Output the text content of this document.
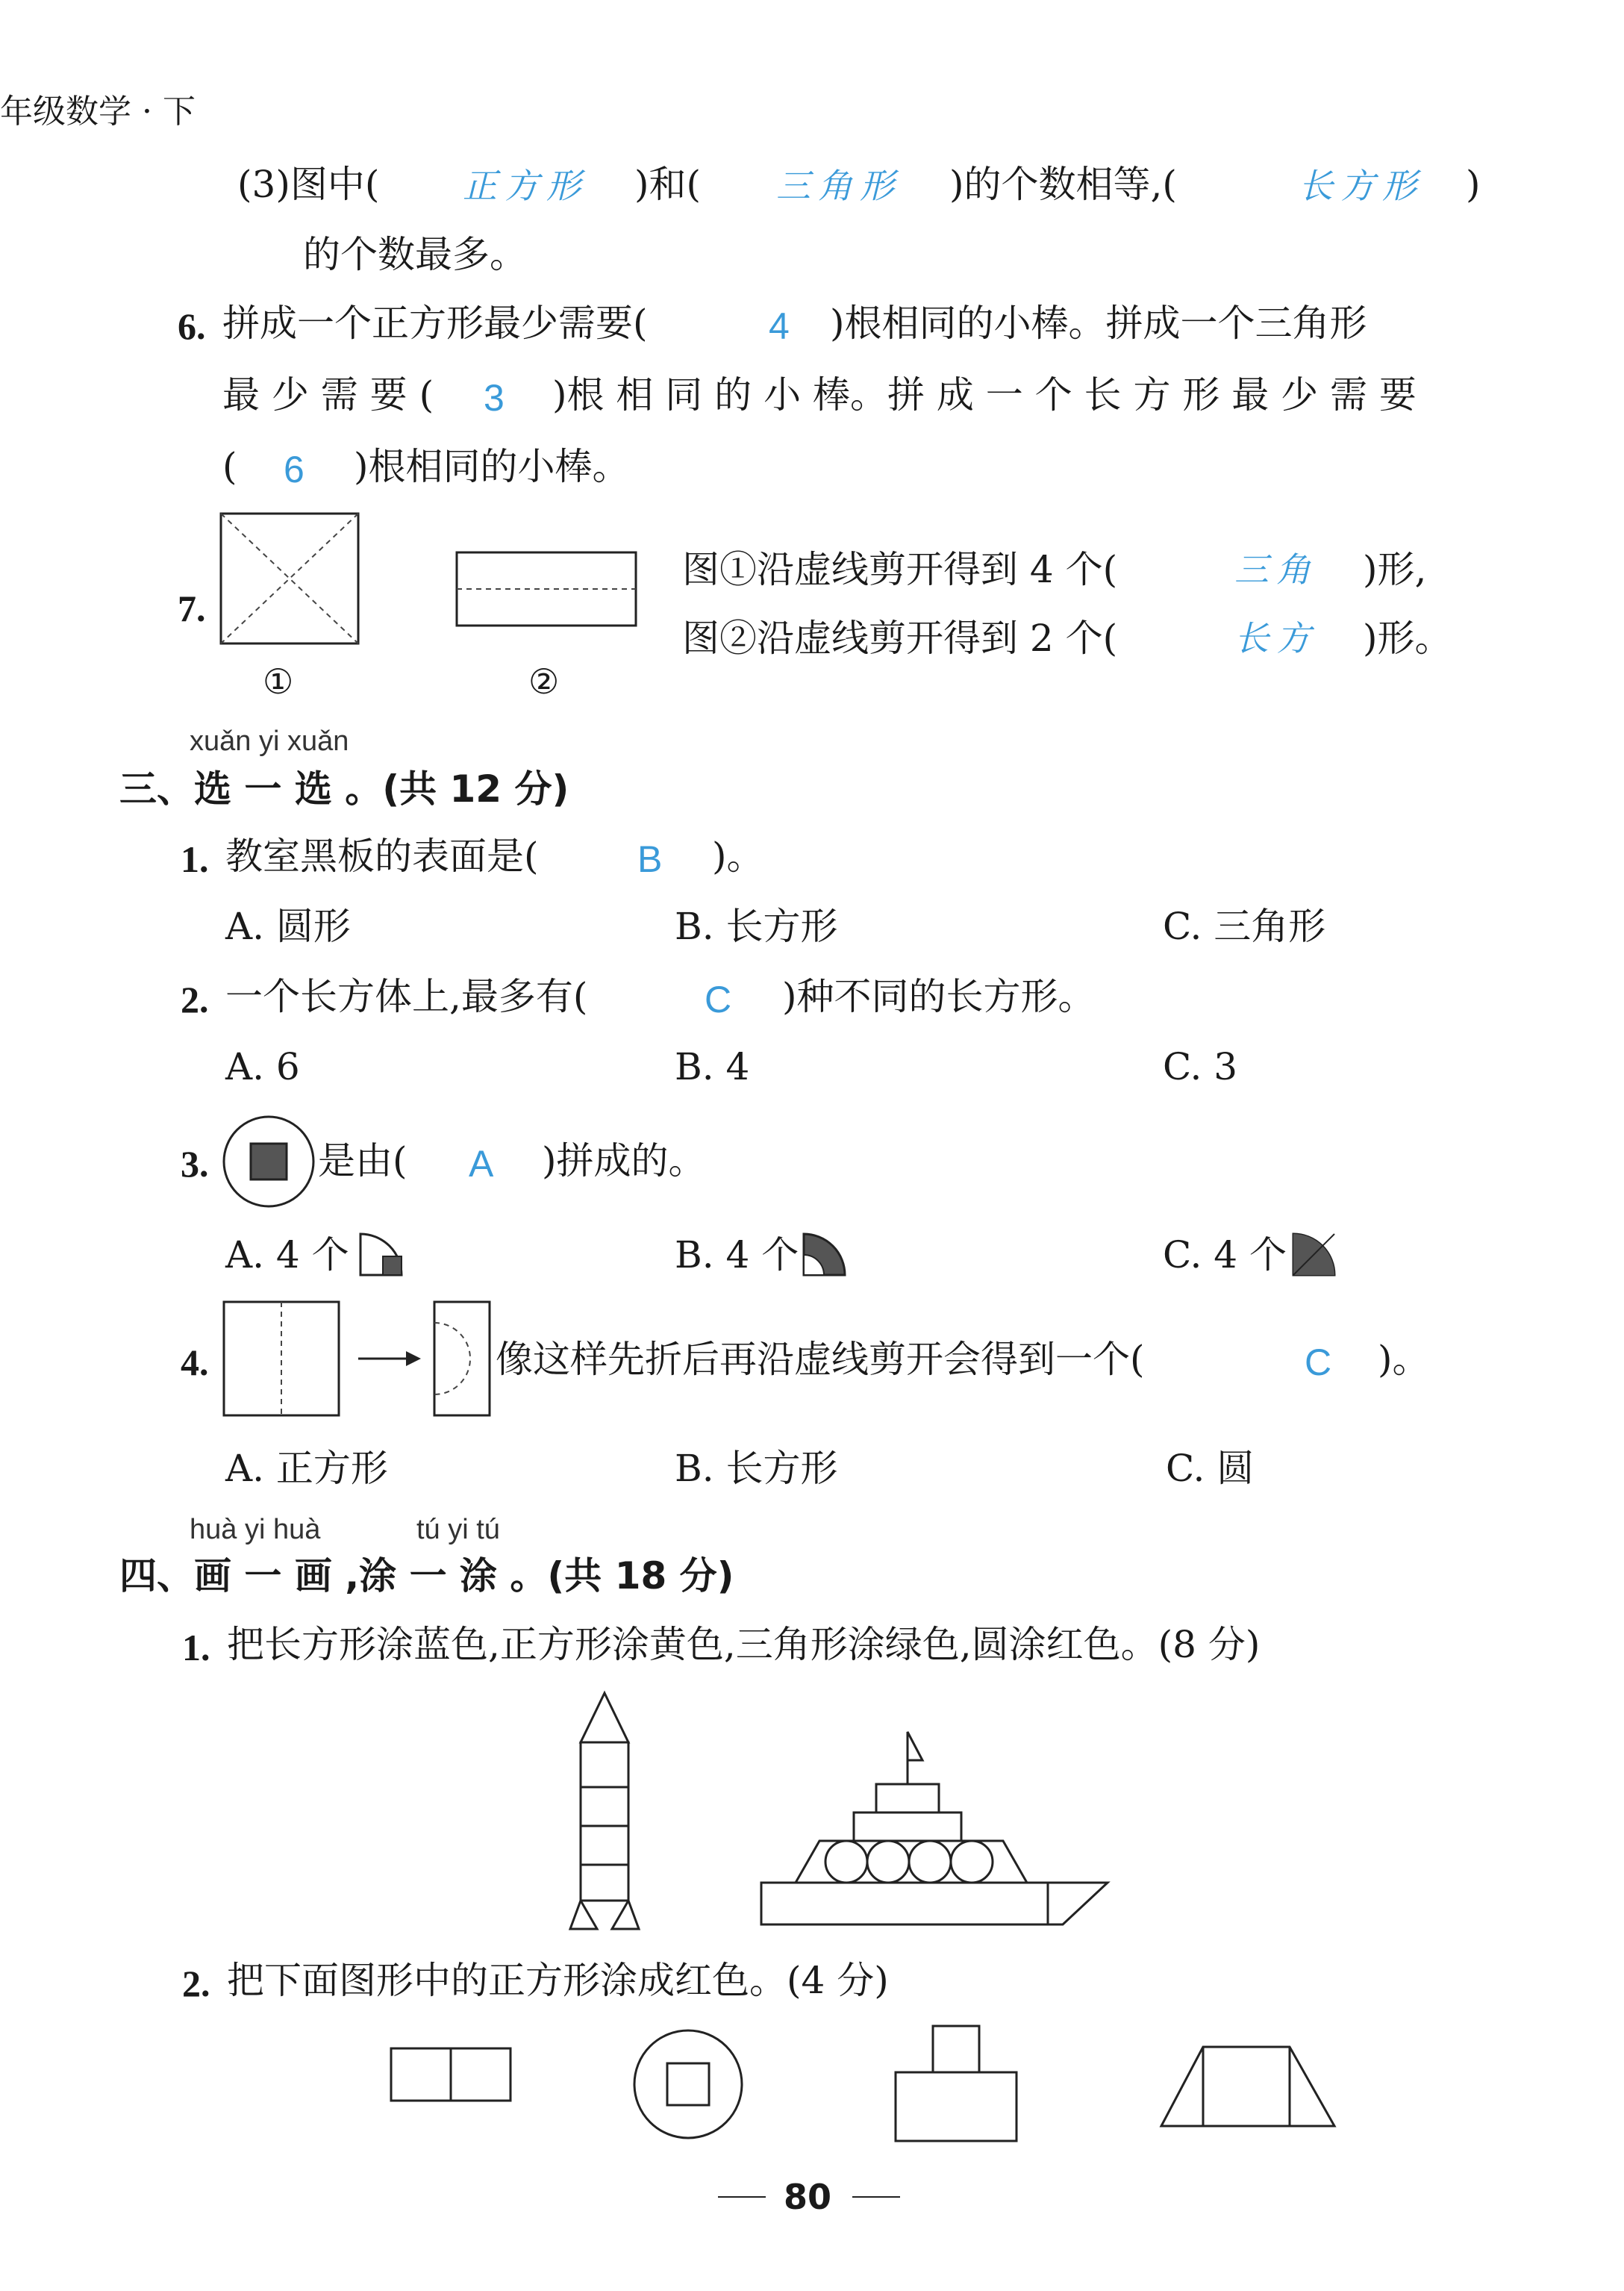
年级数学 · 下
(3)图中( 正方形 )和( 三角形 )的个数相等,(	长方形 )
的个数最多。
6. 拼成一个正方形最少需要(	4 )根相同的小棒。拼成一个三角形
最 少 需 要 ( 3 )根 相 同 的 小 棒。拼 成 一 个 长 方 形 最 少 需 要
( 6 )根相同的小棒。
7.
①	②
图①沿虚线剪开得到 4 个(	三角 )形,
图②沿虚线剪开得到 2 个(	长方 )形。
xuǎn yi xuǎn
三、选 一 选 。(共 12 分)
1. 教室黑板的表面是(	B )。
A. 圆形	B. 长方形	C. 三角形
2. 一个长方体上,最多有(	C )种不同的长方形。
A. 6	B. 4	C. 3
3.	是由( A )拼成的。
A. 4 个	B. 4 个	C. 4 个
4.	像这样先折后再沿虚线剪开会得到一个(	C )。
A. 正方形	B. 长方形	C. 圆
huà yi huà	tú yi tú
四、画 一 画 ,涂 一 涂 。(共 18 分)
1. 把长方形涂蓝色,正方形涂黄色,三角形涂绿色,圆涂红色。(8 分)
2. 把下面图形中的正方形涂成红色。(4 分)
80
